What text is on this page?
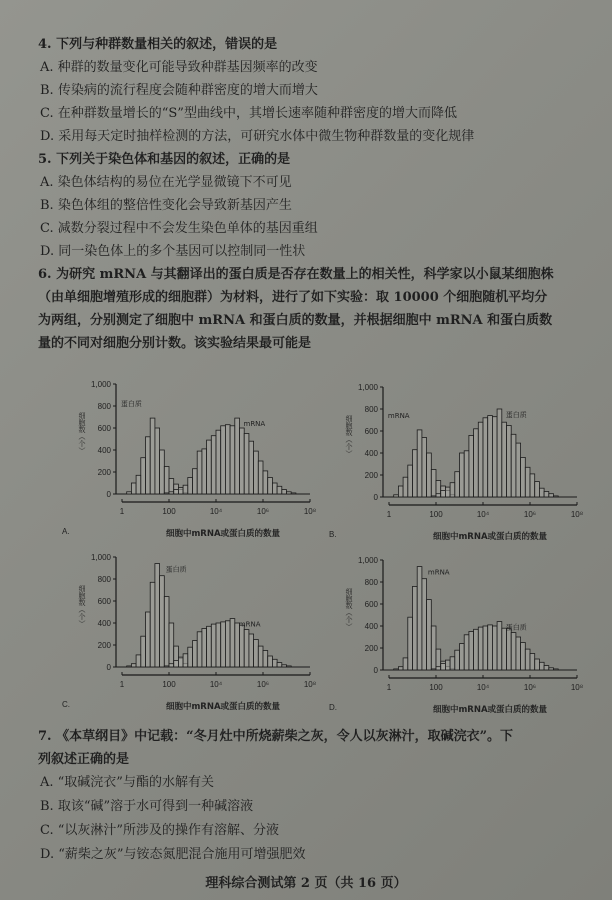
4. 下列与种群数量相关的叙述，错误的是
A. 种群的数量变化可能导致种群基因频率的改变
B. 传染病的流行程度会随种群密度的增大而增大
C. 在种群数量增长的“S”型曲线中，其增长速率随种群密度的增大而降低
D. 采用每天定时抽样检测的方法，可研究水体中微生物种群数量的变化规律
5. 下列关于染色体和基因的叙述，正确的是
A. 染色体结构的易位在光学显微镜下不可见
B. 染色体组的整倍性变化会导致新基因产生
C. 减数分裂过程中不会发生染色单体的基因重组
D. 同一染色体上的多个基因可以控制同一性状
6. 为研究 mRNA 与其翻译出的蛋白质是否存在数量上的相关性，科学家以小鼠某细胞株
（由单细胞增殖形成的细胞群）为材料，进行了如下实验：取 10000 个细胞随机平均分
为两组，分别测定了细胞中 mRNA 和蛋白质的数量，并根据细胞中 mRNA 和蛋白质数
量的不同对细胞分别计数。该实验结果最可能是
0
200
400
600
800
1,000
细胞数（个）
1	100	10⁴	10⁶	10⁸
细胞中mRNA或蛋白质的数量
A.
蛋白质
mRNA
0
200
400
600
800
1,000
细胞数（个）
1	100	10⁴	10⁶	10⁸
细胞中mRNA或蛋白质的数量
B.
mRNA	蛋白质
0
200
400
600
800
1,000
细胞数（个）
1	100	10⁴	10⁶	10⁸
细胞中mRNA或蛋白质的数量
C.
蛋白质
mRNA
0
200
400
600
800
1,000
细胞数（个）
1	100	10⁴	10⁶	10⁸
细胞中mRNA或蛋白质的数量
D.
mRNA
蛋白质
7. 《本草纲目》中记载：“冬月灶中所烧薪柴之灰，令人以灰淋汁，取碱浣衣”。下
列叙述正确的是
A. “取碱浣衣”与酯的水解有关
B. 取该“碱”溶于水可得到一种碱溶液
C. “以灰淋汁”所涉及的操作有溶解、分液
D. “薪柴之灰”与铵态氮肥混合施用可增强肥效
理科综合测试第 2 页（共 16 页）
